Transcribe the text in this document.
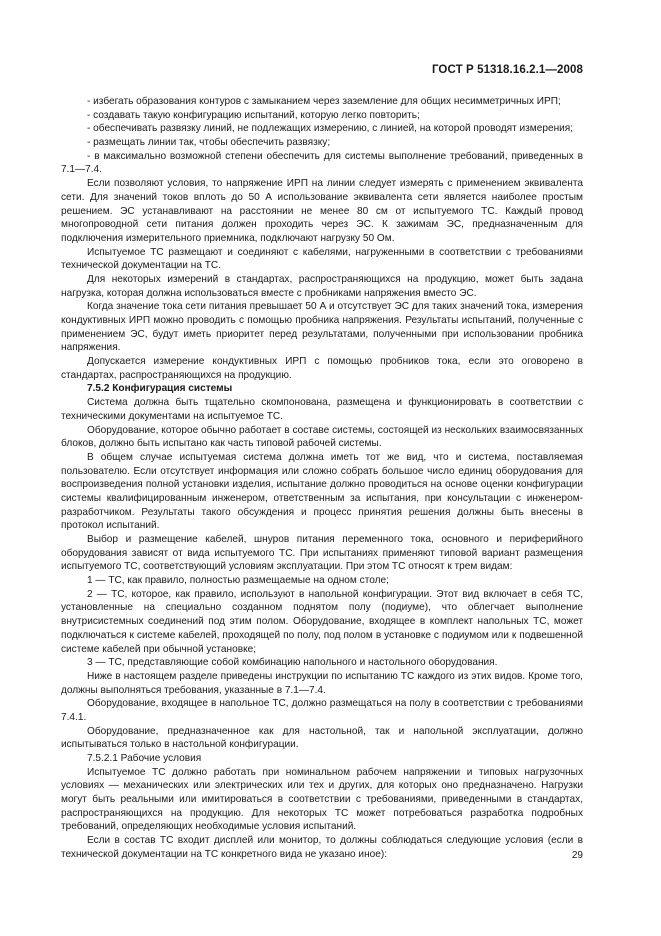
ГОСТ Р 51318.16.2.1—2008

- избегать образования контуров с замыканием через заземление для общих несимметричных ИРП;

- создавать такую конфигурацию испытаний, которую легко повторить;

- обеспечивать развязку линий, не подлежащих измерению, с линией, на которой проводят измерения;

- размещать линии так, чтобы обеспечить развязку;

- в максимально возможной степени обеспечить для системы выполнение требований, приведенных в 7.1—7.4.

Если позволяют условия, то напряжение ИРП на линии следует измерять с применением эквивалента сети. Для значений токов вплоть до 50 А использование эквивалента сети является наиболее простым решением. ЭС устанавливают на расстоянии не менее 80 см от испытуемого ТС. Каждый провод многопроводной сети питания должен проходить через ЭС. К зажимам ЭС, предназначенным для подключения измерительного приемника, подключают нагрузку 50 Ом.

Испытуемое ТС размещают и соединяют с кабелями, нагруженными в соответствии с требованиями технической документации на ТС.

Для некоторых измерений в стандартах, распространяющихся на продукцию, может быть задана нагрузка, которая должна использоваться вместе с пробниками напряжения вместо ЭС.

Когда значение тока сети питания превышает 50 А и отсутствует ЭС для таких значений тока, измерения кондуктивных ИРП можно проводить с помощью пробника напряжения. Результаты испытаний, полученные с применением ЭС, будут иметь приоритет перед результатами, полученными при использовании пробника напряжения.

Допускается измерение кондуктивных ИРП с помощью пробников тока, если это оговорено в стандартах, распространяющихся на продукцию.

7.5.2 Конфигурация системы

Система должна быть тщательно скомпонована, размещена и функционировать в соответствии с техническими документами на испытуемое ТС.

Оборудование, которое обычно работает в составе системы, состоящей из нескольких взаимосвязанных блоков, должно быть испытано как часть типовой рабочей системы.

В общем случае испытуемая система должна иметь тот же вид, что и система, поставляемая пользователю. Если отсутствует информация или сложно собрать большое число единиц оборудования для воспроизведения полной установки изделия, испытание должно проводиться на основе оценки конфигурации системы квалифицированным инженером, ответственным за испытания, при консультации с инженером-разработчиком. Результаты такого обсуждения и процесс принятия решения должны быть внесены в протокол испытаний.

Выбор и размещение кабелей, шнуров питания переменного тока, основного и периферийного оборудования зависят от вида испытуемого ТС. При испытаниях применяют типовой вариант размещения испытуемого ТС, соответствующий условиям эксплуатации. При этом ТС относят к трем видам:

1 — ТС, как правило, полностью размещаемые на одном столе;

2 — ТС, которое, как правило, используют в напольной конфигурации. Этот вид включает в себя ТС, установленные на специально созданном поднятом полу (подиуме), что облегчает выполнение внутрисистемных соединений под этим полом. Оборудование, входящее в комплект напольных ТС, может подключаться к системе кабелей, проходящей по полу, под полом в установке с подиумом или к подвешенной системе кабелей при обычной установке;

3 — ТС, представляющие собой комбинацию напольного и настольного оборудования.

Ниже в настоящем разделе приведены инструкции по испытанию ТС каждого из этих видов. Кроме того, должны выполняться требования, указанные в 7.1—7.4.

Оборудование, входящее в напольное ТС, должно размещаться на полу в соответствии с требованиями 7.4.1.

Оборудование, предназначенное как для настольной, так и напольной эксплуатации, должно испытываться только в настольной конфигурации.

7.5.2.1 Рабочие условия

Испытуемое ТС должно работать при номинальном рабочем напряжении и типовых нагрузочных условиях — механических или электрических или тех и других, для которых оно предназначено. Нагрузки могут быть реальными или имитироваться в соответствии с требованиями, приведенными в стандартах, распространяющихся на продукцию. Для некоторых ТС может потребоваться разработка подробных требований, определяющих необходимые условия испытаний.

Если в состав ТС входит дисплей или монитор, то должны соблюдаться следующие условия (если в технической документации на ТС конкретного вида не указано иное):	29
